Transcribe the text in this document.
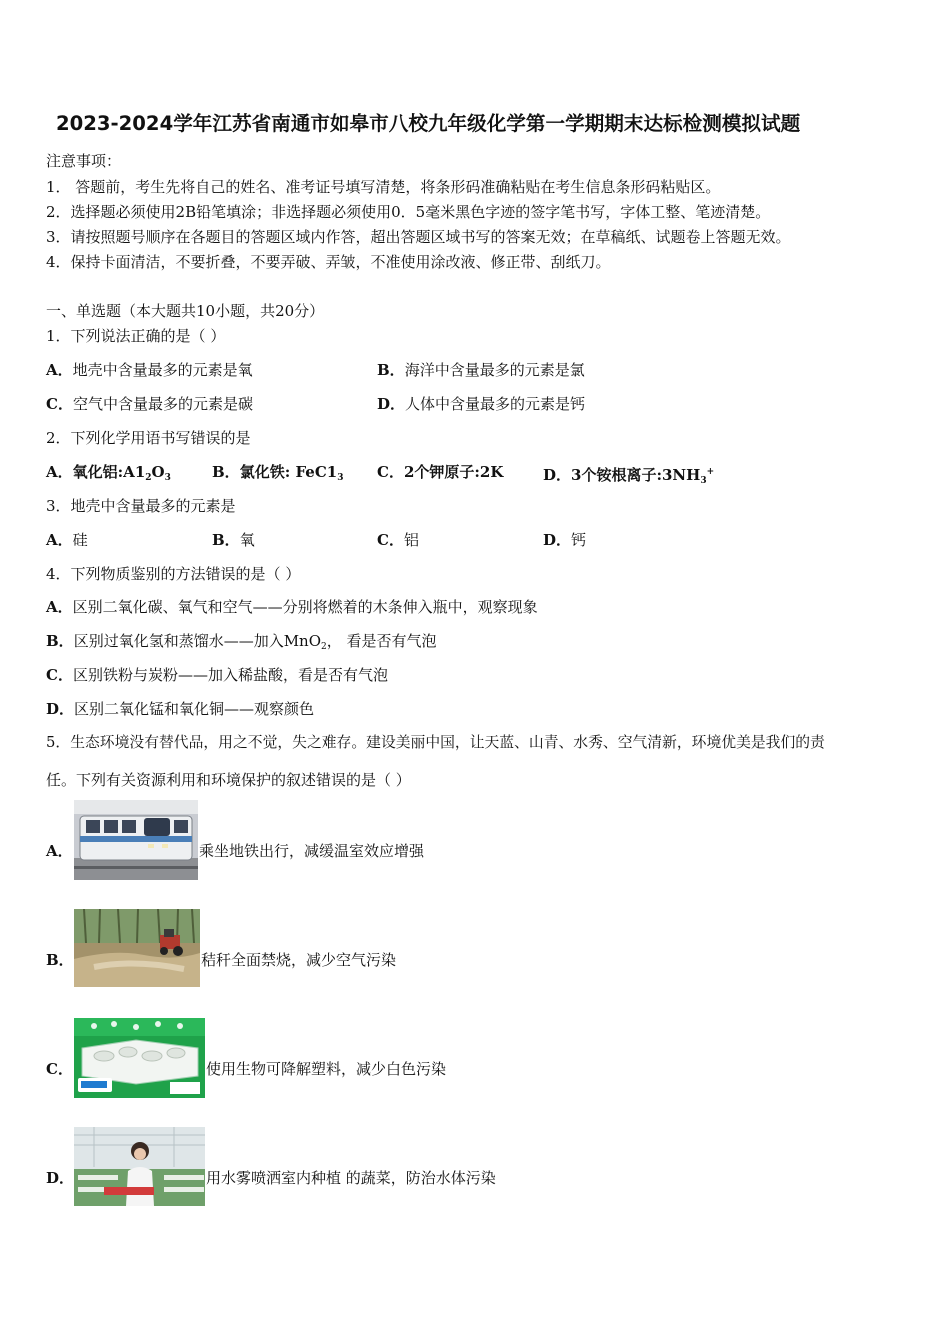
2023-2024学年江苏省南通市如皋市八校九年级化学第一学期期末达标检测模拟试题
注意事项：
1． 答题前，考生先将自己的姓名、准考证号填写清楚，将条形码准确粘贴在考生信息条形码粘贴区。
2．选择题必须使用2B铅笔填涂；非选择题必须使用0．5毫米黑色字迹的签字笔书写，字体工整、笔迹清楚。
3．请按照题号顺序在各题目的答题区域内作答，超出答题区域书写的答案无效；在草稿纸、试题卷上答题无效。
4．保持卡面清洁，不要折叠，不要弄破、弄皱，不准使用涂改液、修正带、刮纸刀。
一、单选题（本大题共10小题，共20分）
1．下列说法正确的是（ ）
A．地壳中含量最多的元素是氧	B．海洋中含量最多的元素是氯
C．空气中含量最多的元素是碳	D．人体中含量最多的元素是钙
2．下列化学用语书写错误的是
A．氧化铝$:A1_2O_3$	B．氯化铁: $FeC1_3$ C．2个钾原子:2K	D．3个铵根离子$:3NH_3^+$
3．地壳中含量最多的元素是
A．硅	B．氧	C．铝	D．钙
4．下列物质鉴别的方法错误的是（ ）
A．区别二氧化碳、氧气和空气——分别将燃着的木条伸入瓶中，观察现象
B．区别过氧化氢和蒸馏水——加入MnO$_2$， 看是否有气泡
C．区别铁粉与炭粉——加入稀盐酸，看是否有气泡
D．区别二氧化锰和氧化铜——观察颜色
5．生态环境没有替代品，用之不觉，失之难存。建设美丽中国，让天蓝、山青、水秀、空气清新，环境优美是我们的责
任。下列有关资源利用和环境保护的叙述错误的是（ ）
A．	乘坐地铁出行，减缓温室效应增强
B．	秸秆全面禁烧，减少空气污染
C．	使用生物可降解塑料，减少白色污染
D．	用水雾喷洒室内种植 的蔬菜，防治水体污染
